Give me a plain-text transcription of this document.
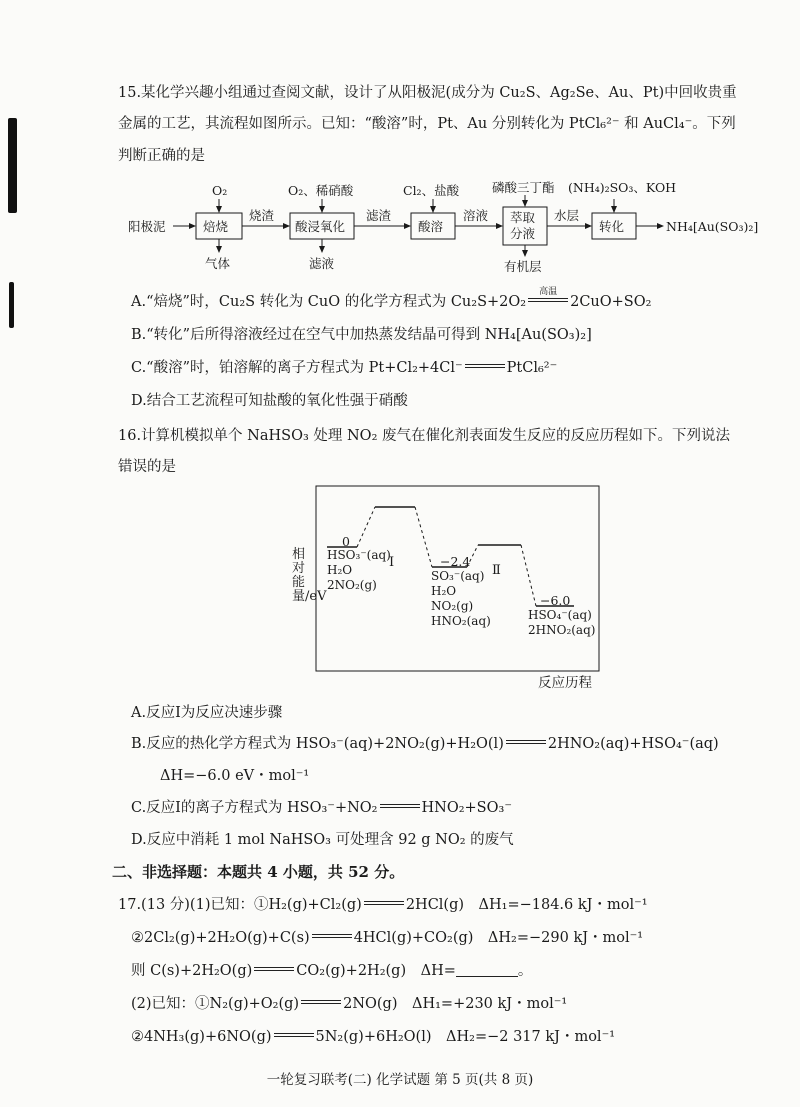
15.某化学兴趣小组通过查阅文献，设计了从阳极泥(成分为 Cu₂S、Ag₂Se、Au、Pt)中回收贵重
金属的工艺，其流程如图所示。已知：“酸溶”时，Pt、Au 分别转化为 PtCl₆²⁻ 和 AuCl₄⁻。下列
判断正确的是
阳极泥	焙烧
O₂
气体
烧渣
酸浸氧化
O₂、稀硝酸
滤液
滤渣
酸溶
Cl₂、盐酸
溶液 萃取
分液
磷酸三丁酯
有机层
水层
转化
(NH₄)₂SO₃、KOH
NH₄[Au(SO₃)₂]
A.“焙烧”时，Cu₂S 转化为 CuO 的化学方程式为 Cu₂S+2O₂
高温
2CuO+SO₂
B.“转化”后所得溶液经过在空气中加热蒸发结晶可得到 NH₄[Au(SO₃)₂]
C.“酸溶”时，铂溶解的离子方程式为 Pt+Cl₂+4Cl⁻	PtCl₆²⁻
D.结合工艺流程可知盐酸的氧化性强于硝酸
16.计算机模拟单个 NaHSO₃ 处理 NO₂ 废气在催化剂表面发生反应的反应历程如下。下列说法
错误的是
相对能量/eV
反应历程
0
HSO₃⁻(aq)
H₂O
2NO₂(g)
Ⅰ	−2.4
SO₃⁻(aq)
H₂O
NO₂(g)
HNO₂(aq)
Ⅱ
−6.0
HSO₄⁻(aq)
2HNO₂(aq)
A.反应Ⅰ为反应决速步骤
B.反应的热化学方程式为 HSO₃⁻(aq)+2NO₂(g)+H₂O(l)	2HNO₂(aq)+HSO₄⁻(aq)
ΔH=−6.0 eV・mol⁻¹
C.反应Ⅰ的离子方程式为 HSO₃⁻+NO₂	HNO₂+SO₃⁻
D.反应中消耗 1 mol NaHSO₃ 可处理含 92 g NO₂ 的废气
二、非选择题：本题共 4 小题，共 52 分。
17.(13 分)(1)已知：①H₂(g)+Cl₂(g)	2HCl(g)　ΔH₁=−184.6 kJ・mol⁻¹
②2Cl₂(g)+2H₂O(g)+C(s)	4HCl(g)+CO₂(g)　ΔH₂=−290 kJ・mol⁻¹
则 C(s)+2H₂O(g)	CO₂(g)+2H₂(g)　ΔH=	。
(2)已知：①N₂(g)+O₂(g)	2NO(g)　ΔH₁=+230 kJ・mol⁻¹
②4NH₃(g)+6NO(g)	5N₂(g)+6H₂O(l)　ΔH₂=−2 317 kJ・mol⁻¹
一轮复习联考(二) 化学试题 第 5 页(共 8 页)
